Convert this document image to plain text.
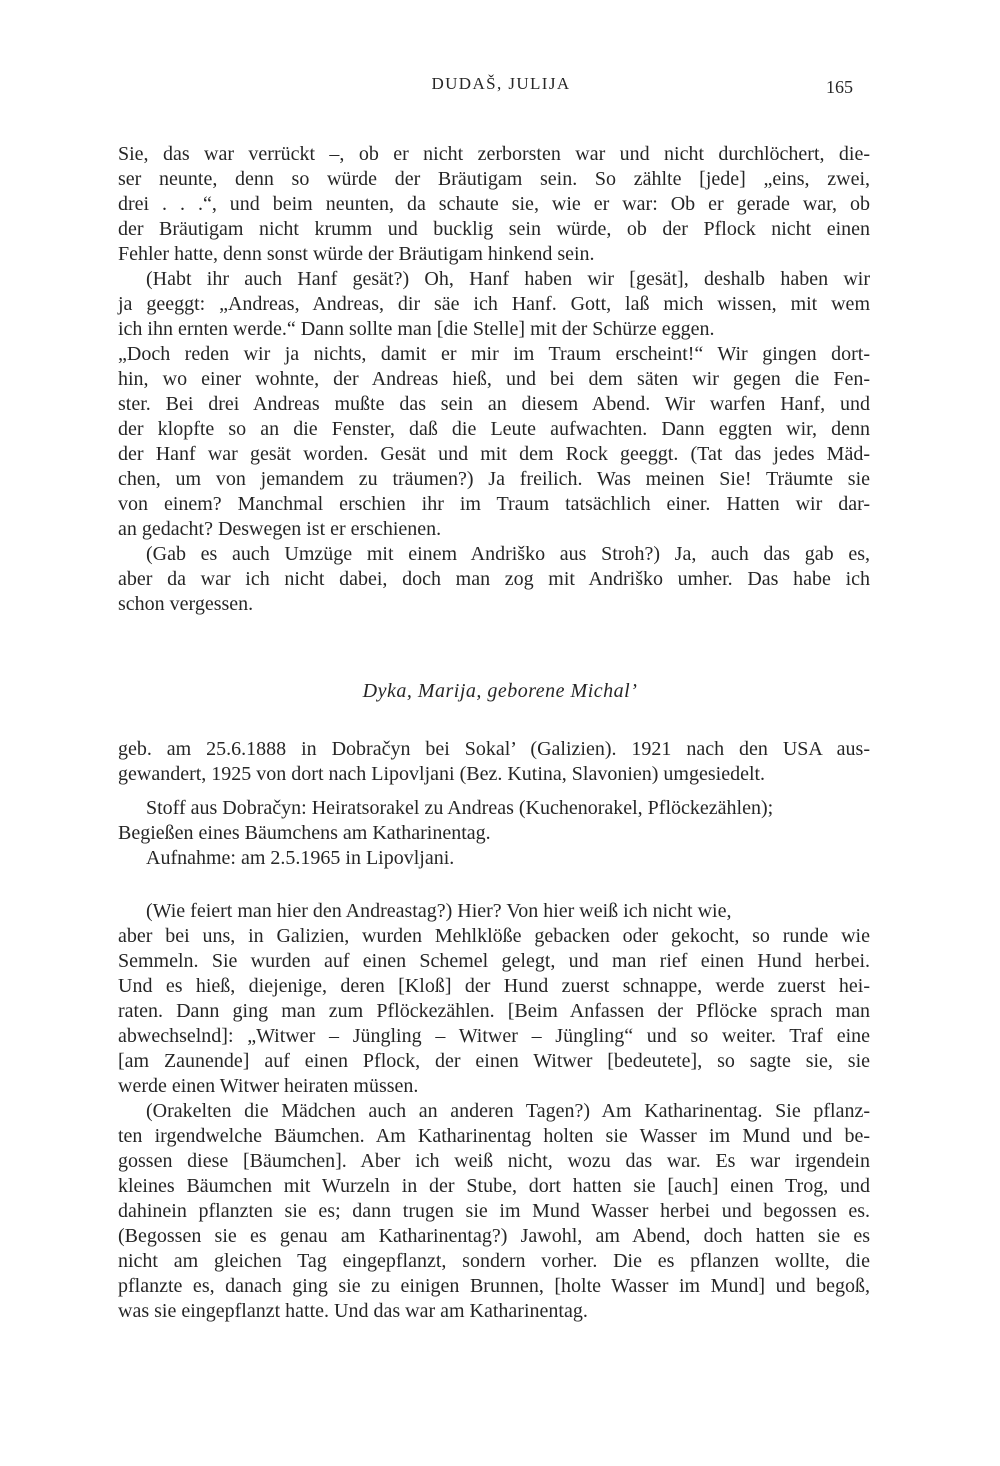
DUDAŠ, JULIJA	165
Sie, das war verrückt –, ob er nicht zerborsten war und nicht durchlöchert, die-
ser neunte, denn so würde der Bräutigam sein. So zählte [jede] „eins, zwei,
drei . . .“, und beim neunten, da schaute sie, wie er war: Ob er gerade war, ob
der Bräutigam nicht krumm und bucklig sein würde, ob der Pflock nicht einen
Fehler hatte, denn sonst würde der Bräutigam hinkend sein.
(Habt ihr auch Hanf gesät?) Oh, Hanf haben wir [gesät], deshalb haben wir
ja geeggt: „Andreas, Andreas, dir säe ich Hanf. Gott, laß mich wissen, mit wem
ich ihn ernten werde.“ Dann sollte man [die Stelle] mit der Schürze eggen.
„Doch reden wir ja nichts, damit er mir im Traum erscheint!“ Wir gingen dort-
hin, wo einer wohnte, der Andreas hieß, und bei dem säten wir gegen die Fen-
ster. Bei drei Andreas mußte das sein an diesem Abend. Wir warfen Hanf, und
der klopfte so an die Fenster, daß die Leute aufwachten. Dann eggten wir, denn
der Hanf war gesät worden. Gesät und mit dem Rock geeggt. (Tat das jedes Mäd-
chen, um von jemandem zu träumen?) Ja freilich. Was meinen Sie! Träumte sie
von einem? Manchmal erschien ihr im Traum tatsächlich einer. Hatten wir dar-
an gedacht? Deswegen ist er erschienen.
(Gab es auch Umzüge mit einem Andriško aus Stroh?) Ja, auch das gab es,
aber da war ich nicht dabei, doch man zog mit Andriško umher. Das habe ich
schon vergessen.
Dyka, Marija, geborene Michal’
geb. am 25.6.1888 in Dobračyn bei Sokal’ (Galizien). 1921 nach den USA aus-
gewandert, 1925 von dort nach Lipovljani (Bez. Kutina, Slavonien) umgesiedelt.
Stoff aus Dobračyn: Heiratsorakel zu Andreas (Kuchenorakel, Pflöckezählen);
Begießen eines Bäumchens am Katharinentag.
Aufnahme: am 2.5.1965 in Lipovljani.
(Wie feiert man hier den Andreastag?) Hier? Von hier weiß ich nicht wie,
aber bei uns, in Galizien, wurden Mehlklöße gebacken oder gekocht, so runde wie
Semmeln. Sie wurden auf einen Schemel gelegt, und man rief einen Hund herbei.
Und es hieß, diejenige, deren [Kloß] der Hund zuerst schnappe, werde zuerst hei-
raten. Dann ging man zum Pflöckezählen. [Beim Anfassen der Pflöcke sprach man
abwechselnd]: „Witwer – Jüngling – Witwer – Jüngling“ und so weiter. Traf eine
[am Zaunende] auf einen Pflock, der einen Witwer [bedeutete], so sagte sie, sie
werde einen Witwer heiraten müssen.
(Orakelten die Mädchen auch an anderen Tagen?) Am Katharinentag. Sie pflanz-
ten irgendwelche Bäumchen. Am Katharinentag holten sie Wasser im Mund und be-
gossen diese [Bäumchen]. Aber ich weiß nicht, wozu das war. Es war irgendein
kleines Bäumchen mit Wurzeln in der Stube, dort hatten sie [auch] einen Trog, und
dahinein pflanzten sie es; dann trugen sie im Mund Wasser herbei und begossen es.
(Begossen sie es genau am Katharinentag?) Jawohl, am Abend, doch hatten sie es
nicht am gleichen Tag eingepflanzt, sondern vorher. Die es pflanzen wollte, die
pflanzte es, danach ging sie zu einigen Brunnen, [holte Wasser im Mund] und begoß,
was sie eingepflanzt hatte. Und das war am Katharinentag.
